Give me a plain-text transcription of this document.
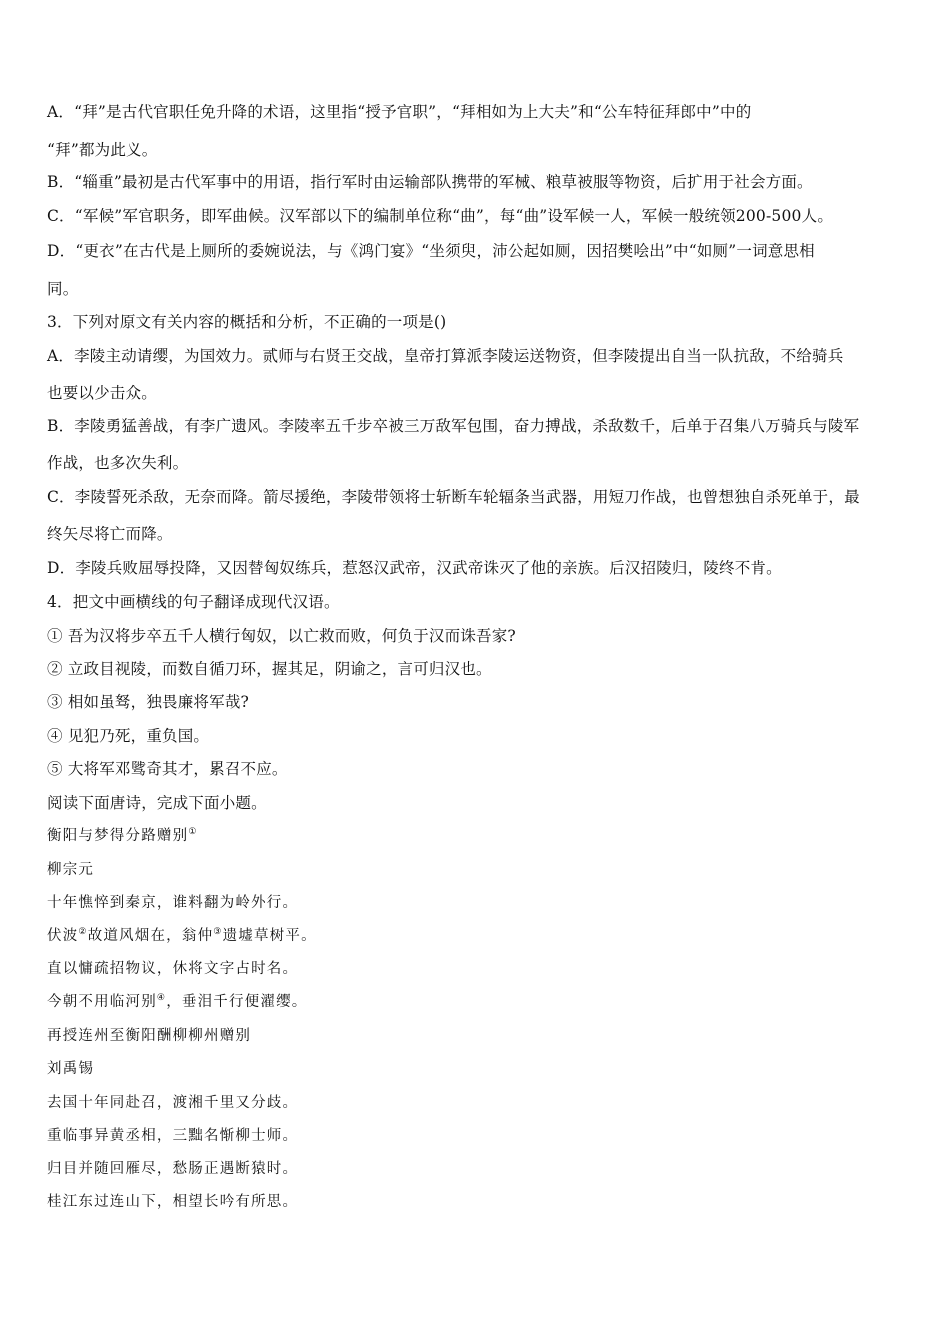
A．“拜”是古代官职任免升降的术语，这里指“授予官职”，“拜相如为上大夫”和“公车特征拜郎中”中的
“拜”都为此义。
B．“辎重”最初是古代军事中的用语，指行军时由运输部队携带的军械、粮草被服等物资，后扩用于社会方面。
C．“军候”军官职务，即军曲候。汉军部以下的编制单位称“曲”，每“曲”设军候一人，军候一般统领200-500人。
D．“更衣”在古代是上厕所的委婉说法，与《鸿门宴》“坐须臾，沛公起如厕，因招樊哙出”中“如厕”一词意思相
同。
3．下列对原文有关内容的概括和分析，不正确的一项是()
A．李陵主动请缨，为国效力。贰师与右贤王交战，皇帝打算派李陵运送物资，但李陵提出自当一队抗敌，不给骑兵
也要以少击众。
B．李陵勇猛善战，有李广遗风。李陵率五千步卒被三万敌军包围，奋力搏战，杀敌数千，后单于召集八万骑兵与陵军
作战，也多次失利。
C．李陵誓死杀敌，无奈而降。箭尽援绝，李陵带领将士斩断车轮辐条当武器，用短刀作战，也曾想独自杀死单于，最
终矢尽将亡而降。
D．李陵兵败屈辱投降，又因替匈奴练兵，惹怒汉武帝，汉武帝诛灭了他的亲族。后汉招陵归，陵终不肯。
4．把文中画横线的句子翻译成现代汉语。
① 吾为汉将步卒五千人横行匈奴，以亡救而败，何负于汉而诛吾家?
② 立政目视陵，而数自循刀环，握其足，阴谕之，言可归汉也。
③ 相如虽驽，独畏廉将军哉?
④ 见犯乃死，重负国。
⑤ 大将军邓骘奇其才，累召不应。
阅读下面唐诗，完成下面小题。
衡阳与梦得分路赠别①
柳宗元
十年憔悴到秦京，谁料翻为岭外行。
伏波②故道风烟在，翁仲③遗墟草树平。
直以慵疏招物议，休将文字占时名。
今朝不用临河别④，垂泪千行便濯缨。
再授连州至衡阳酬柳柳州赠别
刘禹锡
去国十年同赴召，渡湘千里又分歧。
重临事异黄丞相，三黜名惭柳士师。
归目并随回雁尽，愁肠正遇断猿时。
桂江东过连山下，相望长吟有所思。
